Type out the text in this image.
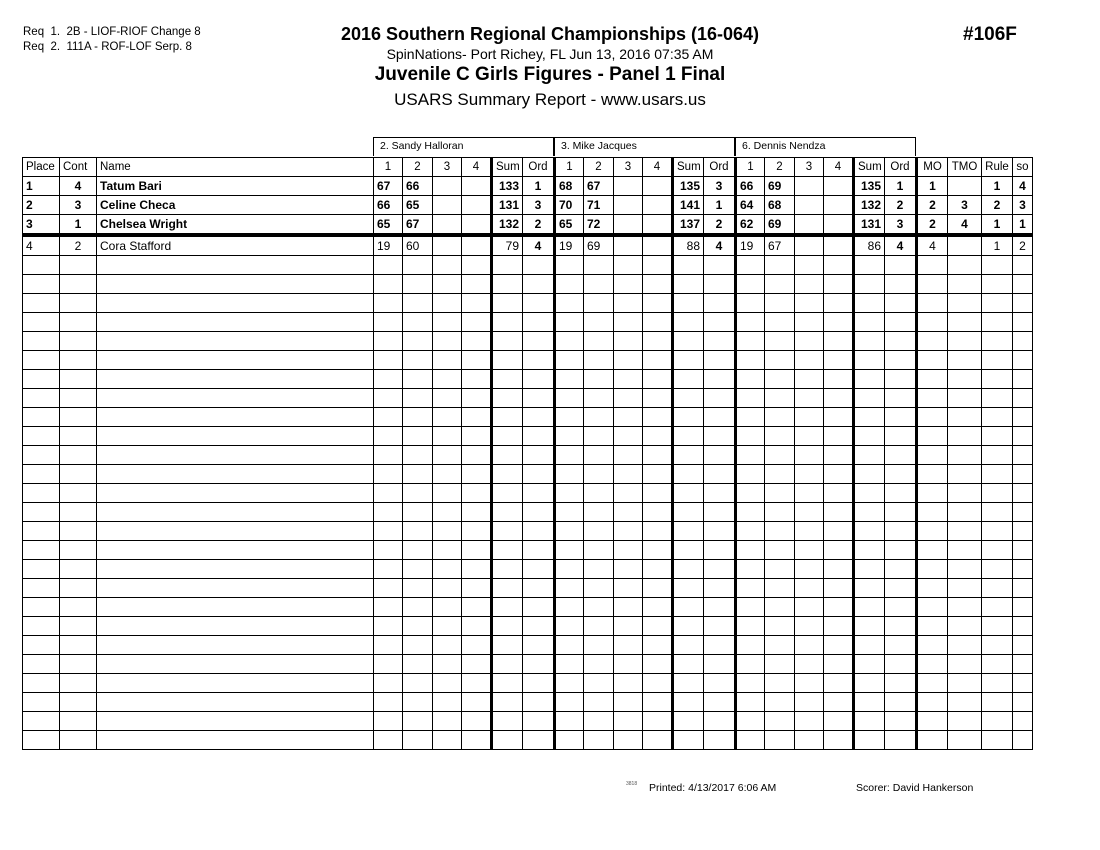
Req  1.  2B - LIOF-RIOF Change 8
Req  2.  111A - ROF-LOF Serp. 8
2016 Southern Regional Championships (16-064)
SpinNations- Port Richey, FL Jun 13, 2016 07:35 AM
Juvenile C Girls Figures - Panel 1 Final
USARS Summary Report - www.usars.us
#106F
2. Sandy Halloran	3. Mike Jacques	6. Dennis Nendza
Place	Cont	Name	1	2	3	4	Sum	Ord	1	2	3	4	Sum	Ord	1	2	3	4	Sum	Ord	MO	TMO	Rule	so
1	4	Tatum Bari	67	66			133	1	68	67			135	3	66	69			135	1	1		1	4
2	3	Celine Checa	66	65			131	3	70	71			141	1	64	68			132	2	2	3	2	3
3	1	Chelsea Wright	65	67			132	2	65	72			137	2	62	69			131	3	2	4	1	1
4	2	Cora Stafford	19	60			79	4	19	69			88	4	19	67			86	4	4		1	2

3818 Printed: 4/13/2017 6:06 AM	Scorer: David Hankerson
